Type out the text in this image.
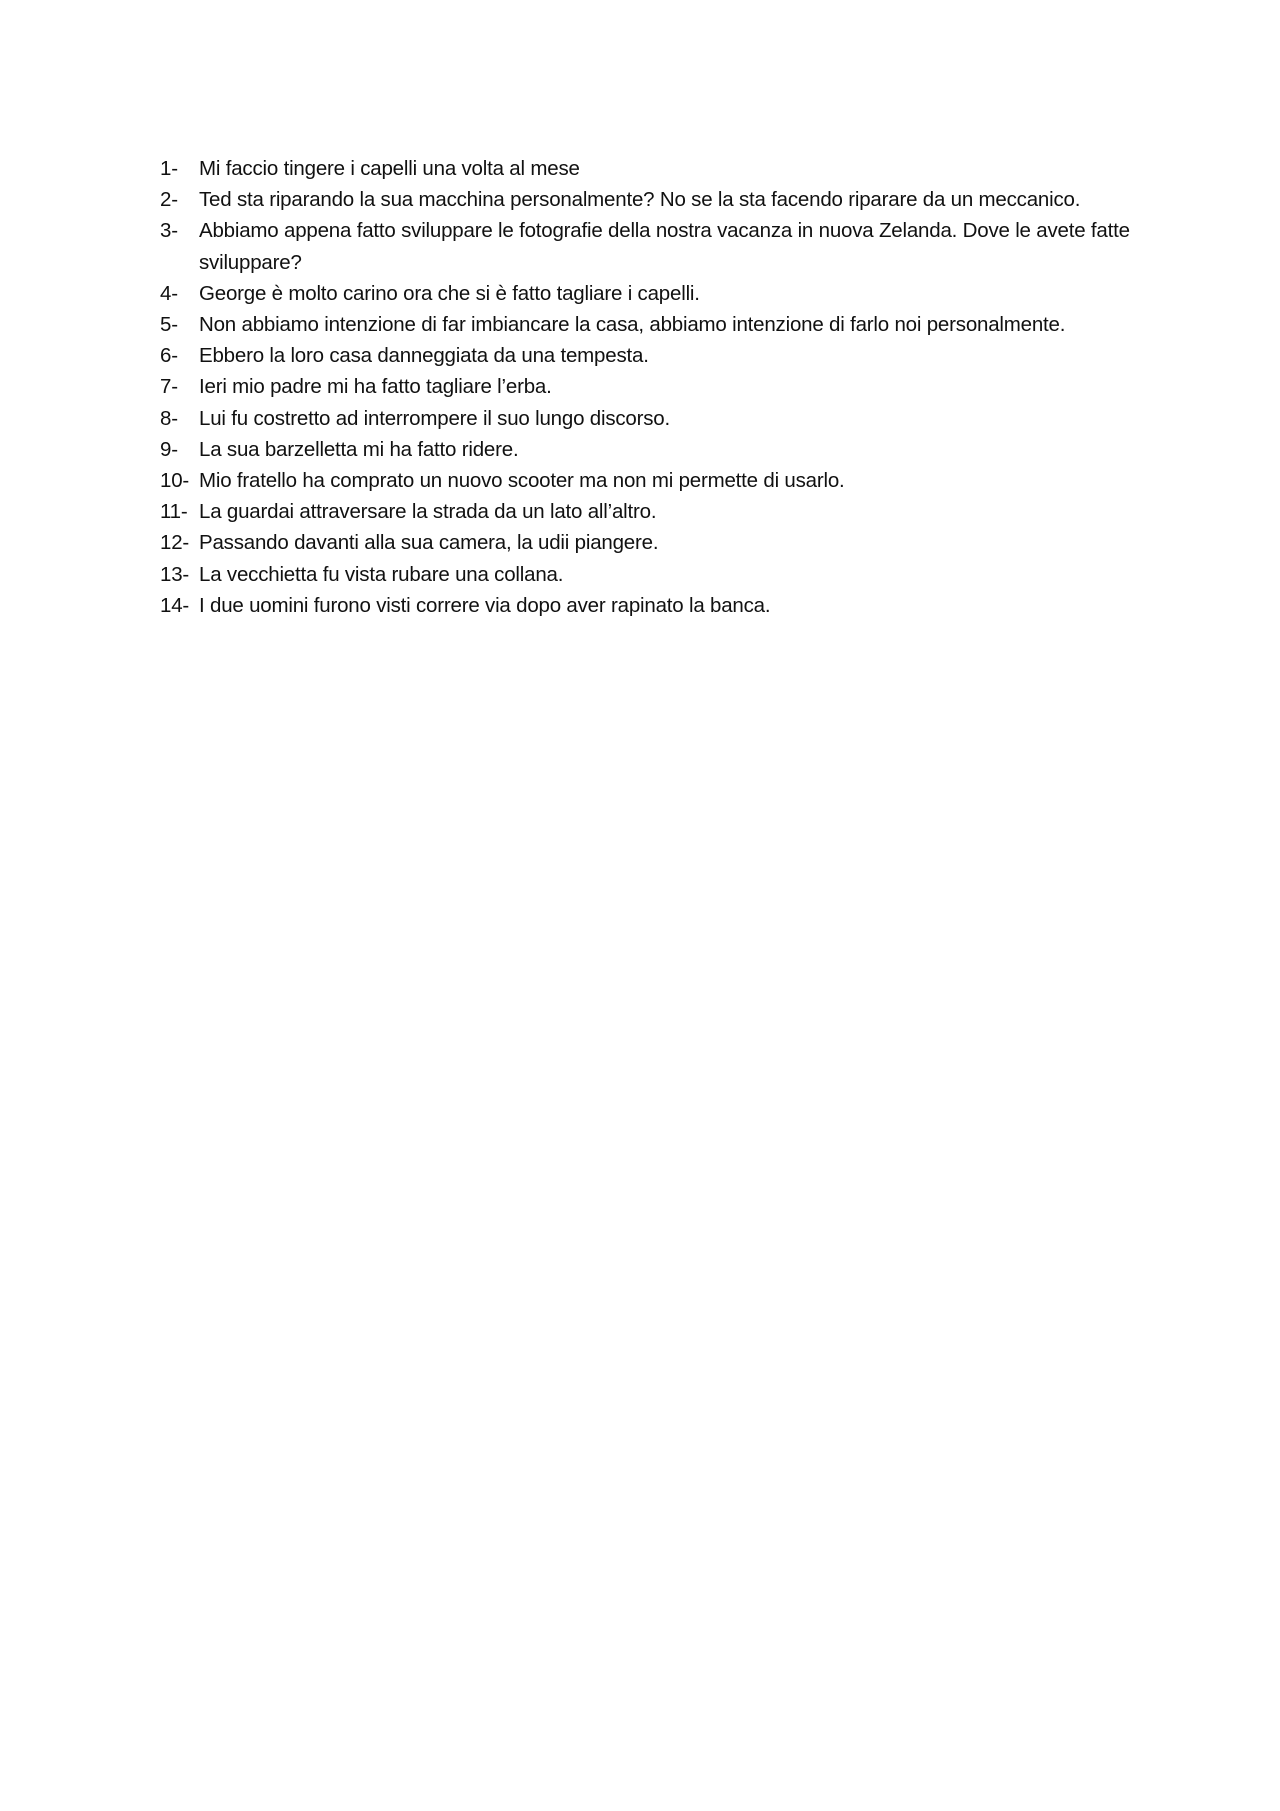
1-	Mi faccio tingere i capelli una volta al mese
2-	Ted sta riparando la sua macchina personalmente? No se la sta facendo riparare da un meccanico.
3-	Abbiamo appena fatto sviluppare le fotografie della nostra vacanza in nuova Zelanda. Dove le avete fatte sviluppare?
4-	George è molto carino ora che si è fatto tagliare i capelli.
5-	Non abbiamo intenzione di far imbiancare la casa, abbiamo intenzione di farlo noi personalmente.
6-	Ebbero la loro casa danneggiata da una tempesta.
7-	Ieri mio padre mi ha fatto tagliare l’erba.
8-	Lui fu costretto ad interrompere il suo lungo discorso.
9-	La sua barzelletta mi ha fatto ridere.
10- Mio fratello ha comprato un nuovo scooter ma non mi permette di usarlo.
11- La guardai attraversare la strada da un lato all’altro.
12- Passando davanti alla sua camera, la udii piangere.
13- La vecchietta fu vista rubare una collana.
14- I due uomini furono visti correre via dopo aver rapinato la banca.
